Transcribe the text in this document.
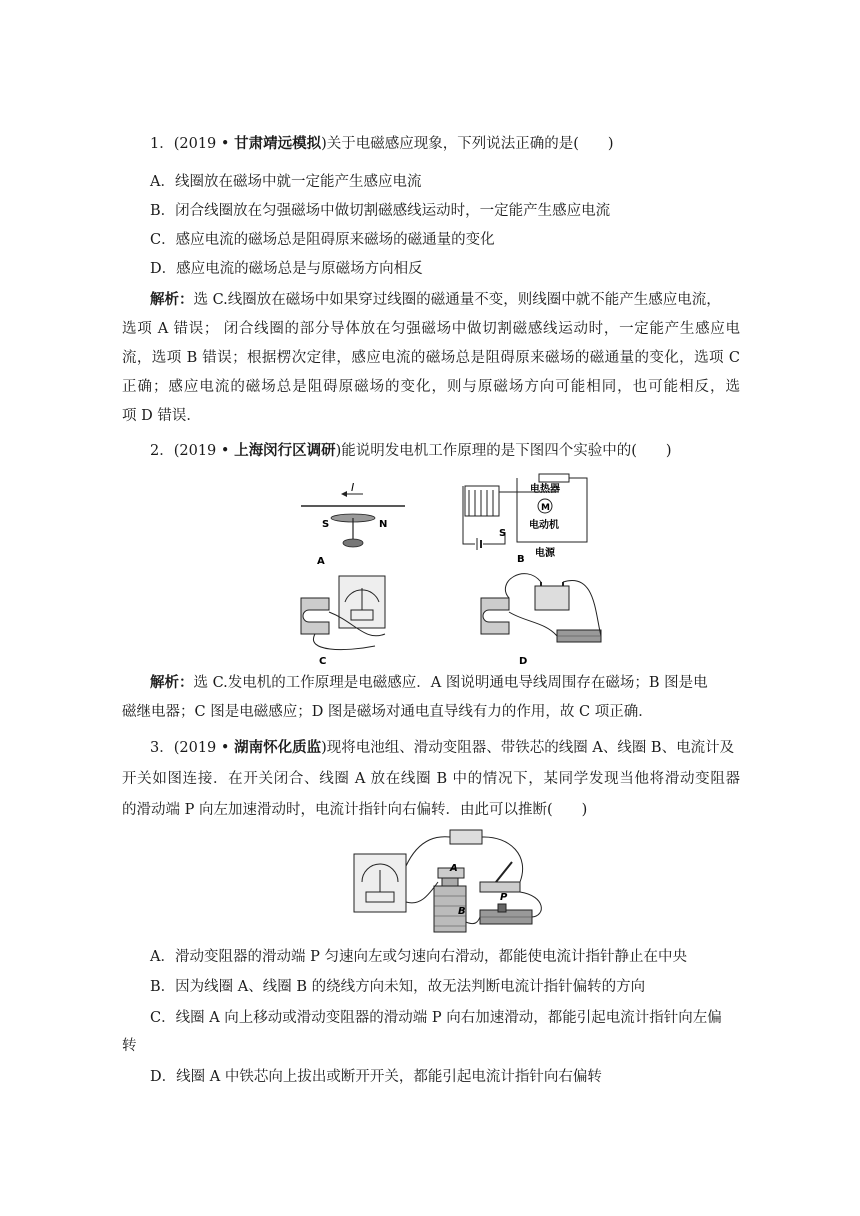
1．(2019 • 甘肃靖远模拟)关于电磁感应现象，下列说法正确的是(　　)
A．线圈放在磁场中就一定能产生感应电流
B．闭合线圈放在匀强磁场中做切割磁感线运动时，一定能产生感应电流
C．感应电流的磁场总是阻碍原来磁场的磁通量的变化
D．感应电流的磁场总是与原磁场方向相反
解析：选 C.线圈放在磁场中如果穿过线圈的磁通量不变，则线圈中就不能产生感应电流，
选项 A 错误； 闭合线圈的部分导体放在匀强磁场中做切割磁感线运动时，一定能产生感应电
流，选项 B 错误；根据楞次定律，感应电流的磁场总是阻碍原来磁场的磁通量的变化，选项 C
正确；感应电流的磁场总是阻碍原磁场的变化，则与原磁场方向可能相同，也可能相反，选
项 D 错误．
2．(2019 • 上海闵行区调研)能说明发电机工作原理的是下图四个实验中的(　　)
I
S	N
A
电热器
M
电动机
S
B
电源
C	D
解析：选 C.发电机的工作原理是电磁感应．A 图说明通电导线周围存在磁场；B 图是电
磁继电器；C 图是电磁感应；D 图是磁场对通电直导线有力的作用，故 C 项正确．
3．(2019 • 湖南怀化质监)现将电池组、滑动变阻器、带铁芯的线圈 A、线圈 B、电流计及
开关如图连接．在开关闭合、线圈 A 放在线圈 B 中的情况下，某同学发现当他将滑动变阻器
的滑动端 P 向左加速滑动时，电流计指针向右偏转．由此可以推断(　　)
A
B
P
A．滑动变阻器的滑动端 P 匀速向左或匀速向右滑动，都能使电流计指针静止在中央
B．因为线圈 A、线圈 B 的绕线方向未知，故无法判断电流计指针偏转的方向
C．线圈 A 向上移动或滑动变阻器的滑动端 P 向右加速滑动，都能引起电流计指针向左偏
转
D．线圈 A 中铁芯向上拔出或断开开关，都能引起电流计指针向右偏转
